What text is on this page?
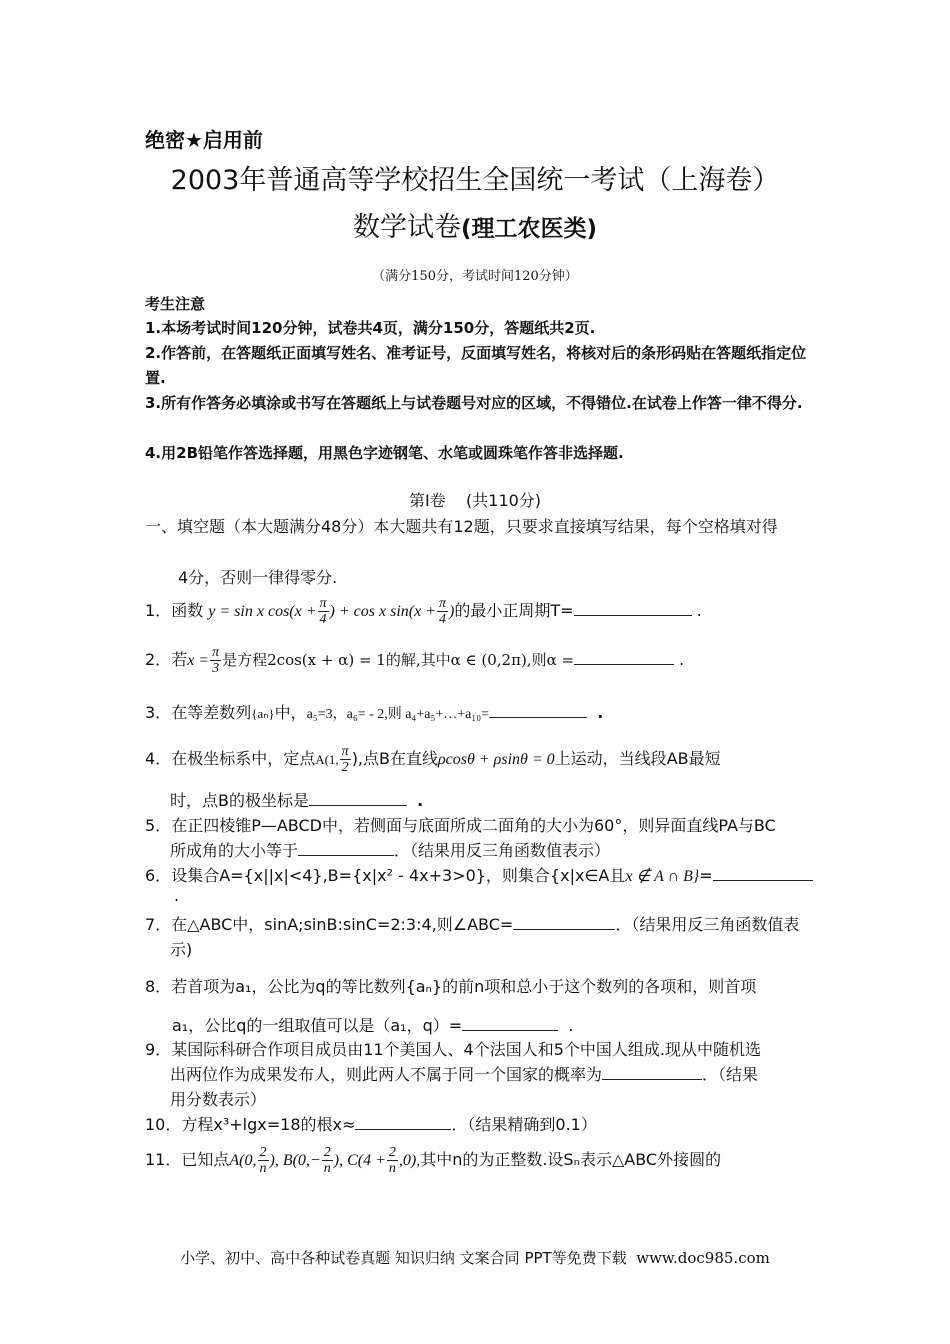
绝密★启用前
2003年普通高等学校招生全国统一考试（上海卷）
数学试卷(理工农医类)
（满分150分，考试时间120分钟）
考生注意
1.本场考试时间120分钟，试卷共4页，满分150分，答题纸共2页.
2.作答前，在答题纸正面填写姓名、准考证号，反面填写姓名，将核对后的条形码贴在答题纸指定位置.
3.所有作答务必填涂或书写在答题纸上与试卷题号对应的区域，不得错位.在试卷上作答一律不得分.
4.用2B铅笔作答选择题，用黑色字迹钢笔、水笔或圆珠笔作答非选择题.
第Ⅰ卷 (共110分)
一、填空题（本大题满分48分）本大题共有12题，只要求直接填写结果，每个空格填对得
4分，否则一律得零分.
1．函数 y = sin x $\cos(x + \frac{\pi}{4}$ ) + cos x $\sin(x + \frac{\pi}{4}$ )的最小正周期T=	.
2．若$x = \frac{\pi}{3}$ 是方程2cos(x + α) = 1的解,其中α ∈ (0,2π),则α =	.
3．在等差数列{aₙ}中，a₅=3，a₆= - 2,则 a₄+a₅+…+a₁₀=	.
4．在极坐标系中，定点A(1, $\frac{\pi}{2}$ ),点B在直线ρcosθ + ρsinθ = 0上运动，当线段AB最短
时，点B的极坐标是	.
5．在正四棱锥P—ABCD中，若侧面与底面所成二面角的大小为60°，则异面直线PA与BC
所成角的大小等于	．（结果用反三角函数值表示）
6．设集合A={x||x|<4},B={x|x² - 4x+3>0}，则集合{x|x∈A且x ∉ A ∩ B}=
.
7．在△ABC中，sinA;sinB:sinC=2:3:4,则∠ABC=	．（结果用反三角函数值表
示)
8．若首项为a₁，公比为q的等比数列{aₙ}的前n项和总小于这个数列的各项和，则首项
a₁，公比q的一组取值可以是（a₁，q）=	.
9．某国际科研合作项目成员由11个美国人、4个法国人和5个中国人组成.现从中随机选
出两位作为成果发布人，则此两人不属于同一个国家的概率为	．（结果
用分数表示）
10．方程x³+lgx=18的根x≈	．（结果精确到0.1）
11．已知点A(0, $\frac{2}{n}$ ), $B(0,- \frac{2}{n}$ ), $C(4 + \frac{2}{n} ,0)$,其中n的为正整数.设Sₙ表示△ABC外接圆的
小学、初中、高中各种试卷真题 知识归纳 文案合同 PPT等免费下载 www.doc985.com
